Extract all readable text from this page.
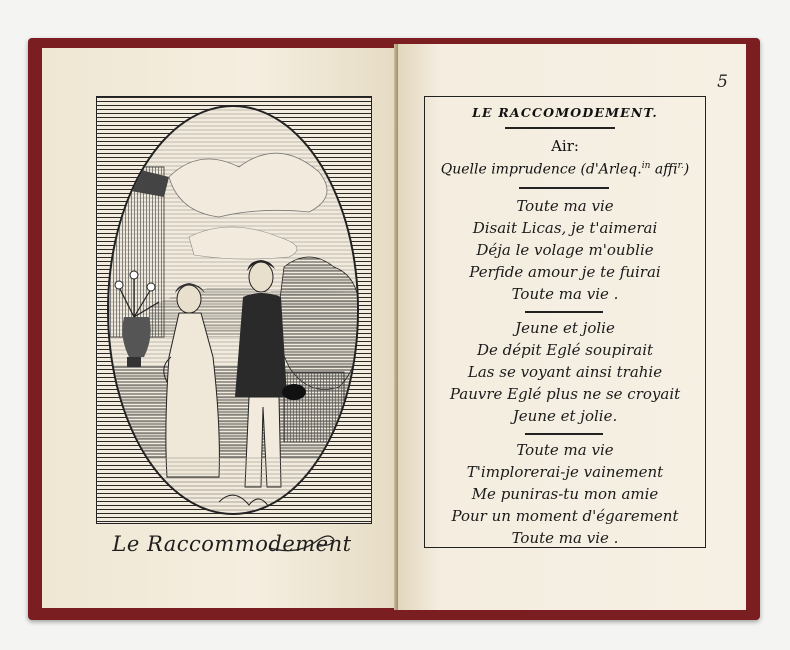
Le Raccommodement
5
LE RACCOMODEMENT.
Air:
Quelle imprudence (d'Arleq.$^{in}$ affi$^{r.}$)
Toute ma vie
Disait Licas, je t'aimerai
Déja le volage m'oublie
Perfide amour je te fuirai
Toute ma vie .
Jeune et jolie
De dépit Eglé soupirait
Las se voyant ainsi trahie
Pauvre Eglé plus ne se croyait
Jeune et jolie.
Toute ma vie
T'implorerai-je vainement
Me puniras-tu mon amie
Pour un moment d'égarement
Toute ma vie .
